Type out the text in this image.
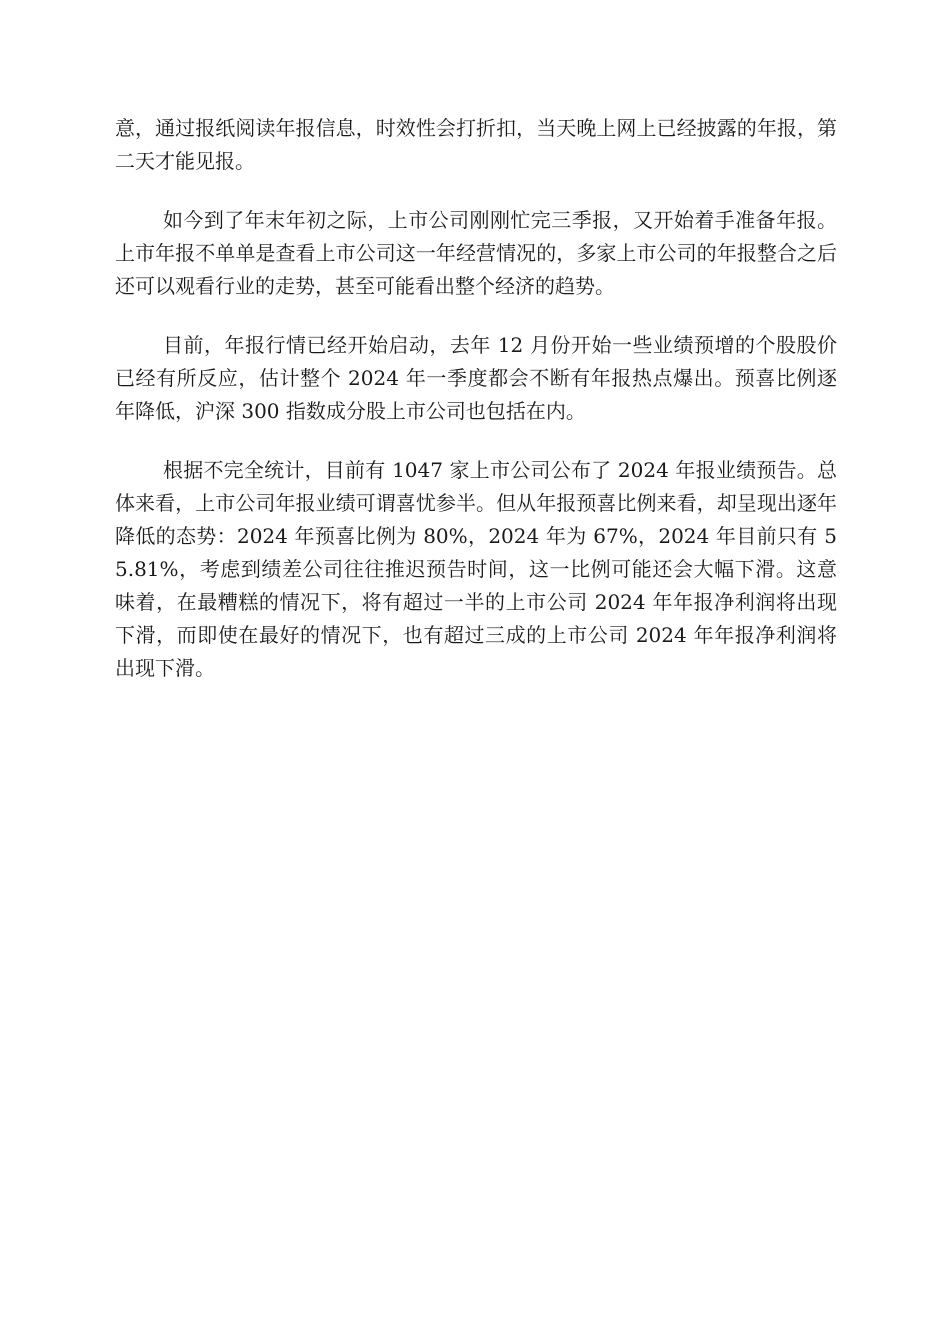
意，通过报纸阅读年报信息，时效性会打折扣，当天晚上网上已经披露的年报，第二天才能见报。

如今到了年末年初之际，上市公司刚刚忙完三季报，又开始着手准备年报。上市年报不单单是查看上市公司这一年经营情况的，多家上市公司的年报整合之后还可以观看行业的走势，甚至可能看出整个经济的趋势。

目前，年报行情已经开始启动，去年 12 月份开始一些业绩预增的个股股价已经有所反应，估计整个 2024 年一季度都会不断有年报热点爆出。预喜比例逐年降低，沪深 300 指数成分股上市公司也包括在内。

根据不完全统计，目前有 1047 家上市公司公布了 2024 年报业绩预告。总体来看，上市公司年报业绩可谓喜忧参半。但从年报预喜比例来看，却呈现出逐年降低的态势：2024 年预喜比例为 80%，2024 年为 67%，2024 年目前只有 55.81%，考虑到绩差公司往往推迟预告时间，这一比例可能还会大幅下滑。这意味着，在最糟糕的情况下，将有超过一半的上市公司 2024 年年报净利润将出现下滑，而即使在最好的情况下，也有超过三成的上市公司 2024 年年报净利润将出现下滑。
